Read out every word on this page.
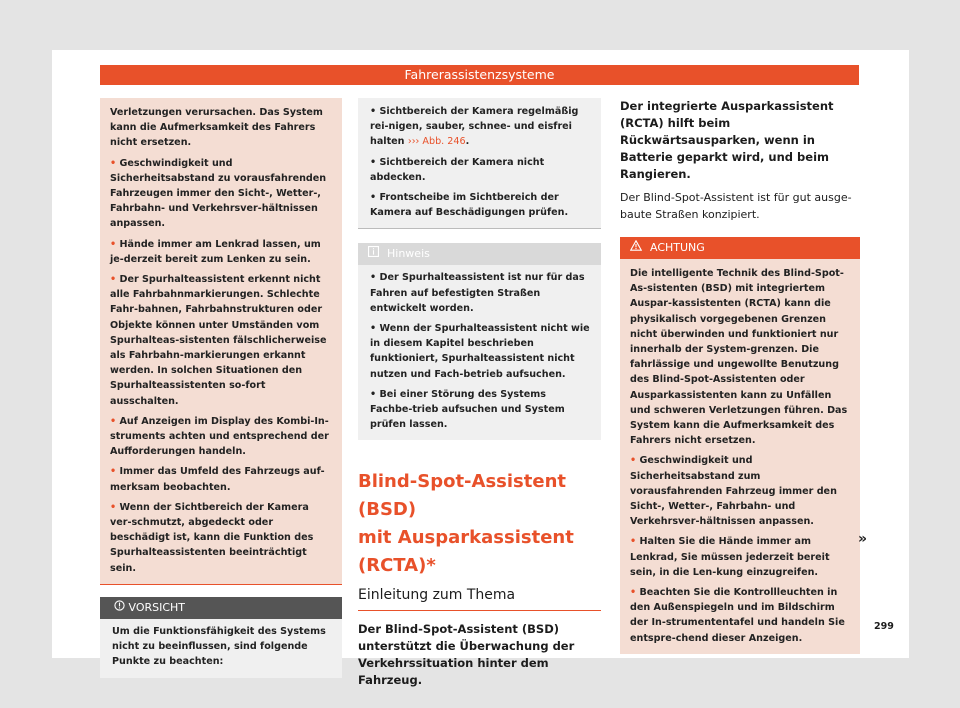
Fahrerassistenzsysteme
Verletzungen verursachen. Das System kann die Aufmerksamkeit des Fahrers nicht ersetzen.
• Geschwindigkeit und Sicherheitsabstand zu vorausfahrenden Fahrzeugen immer den Sicht-, Wetter-, Fahrbahn- und Verkehrsver-hältnissen anpassen.
• Hände immer am Lenkrad lassen, um je-derzeit bereit zum Lenken zu sein.
• Der Spurhalteassistent erkennt nicht alle Fahrbahnmarkierungen. Schlechte Fahr-bahnen, Fahrbahnstrukturen oder Objekte können unter Umständen vom Spurhalteas-sistenten fälschlicherweise als Fahrbahn-markierungen erkannt werden. In solchen Situationen den Spurhalteassistenten so-fort ausschalten.
• Auf Anzeigen im Display des Kombi-In-struments achten und entsprechend der Aufforderungen handeln.
• Immer das Umfeld des Fahrzeugs auf-merksam beobachten.
• Wenn der Sichtbereich der Kamera ver-schmutzt, abgedeckt oder beschädigt ist, kann die Funktion des Spurhalteassistenten beeinträchtigt sein.
VORSICHT
Um die Funktionsfähigkeit des Systems nicht zu beeinflussen, sind folgende Punkte zu beachten:
• Sichtbereich der Kamera regelmäßig rei-nigen, sauber, schnee- und eisfrei halten ››› Abb. 246.
• Sichtbereich der Kamera nicht abdecken.
• Frontscheibe im Sichtbereich der Kamera auf Beschädigungen prüfen.
Hinweis
• Der Spurhalteassistent ist nur für das Fahren auf befestigten Straßen entwickelt worden.
• Wenn der Spurhalteassistent nicht wie in diesem Kapitel beschrieben funktioniert, Spurhalteassistent nicht nutzen und Fach-betrieb aufsuchen.
• Bei einer Störung des Systems Fachbe-trieb aufsuchen und System prüfen lassen.
Blind-Spot-Assistent (BSD)
mit Ausparkassistent
(RCTA)*
Einleitung zum Thema
Der Blind-Spot-Assistent (BSD) unterstützt die Überwachung der Verkehrssituation hinter dem Fahrzeug.
Der integrierte Ausparkassistent (RCTA) hilft beim Rückwärtsausparken, wenn in Batterie geparkt wird, und beim Rangieren.
Der Blind-Spot-Assistent ist für gut ausge-baute Straßen konzipiert.
ACHTUNG
Die intelligente Technik des Blind-Spot-As-sistenten (BSD) mit integriertem Auspar-kassistenten (RCTA) kann die physikalisch vorgegebenen Grenzen nicht überwinden und funktioniert nur innerhalb der System-grenzen. Die fahrlässige und ungewollte Benutzung des Blind-Spot-Assistenten oder Ausparkassistenten kann zu Unfällen und schweren Verletzungen führen. Das System kann die Aufmerksamkeit des Fahrers nicht ersetzen.
• Geschwindigkeit und Sicherheitsabstand zum vorausfahrenden Fahrzeug immer den Sicht-, Wetter-, Fahrbahn- und Verkehrsver-hältnissen anpassen.
• Halten Sie die Hände immer am Lenkrad, Sie müssen jederzeit bereit sein, in die Len-kung einzugreifen.
• Beachten Sie die Kontrollleuchten in den Außenspiegeln und im Bildschirm der In-strumententafel und handeln Sie entspre-chend dieser Anzeigen.
»
299
